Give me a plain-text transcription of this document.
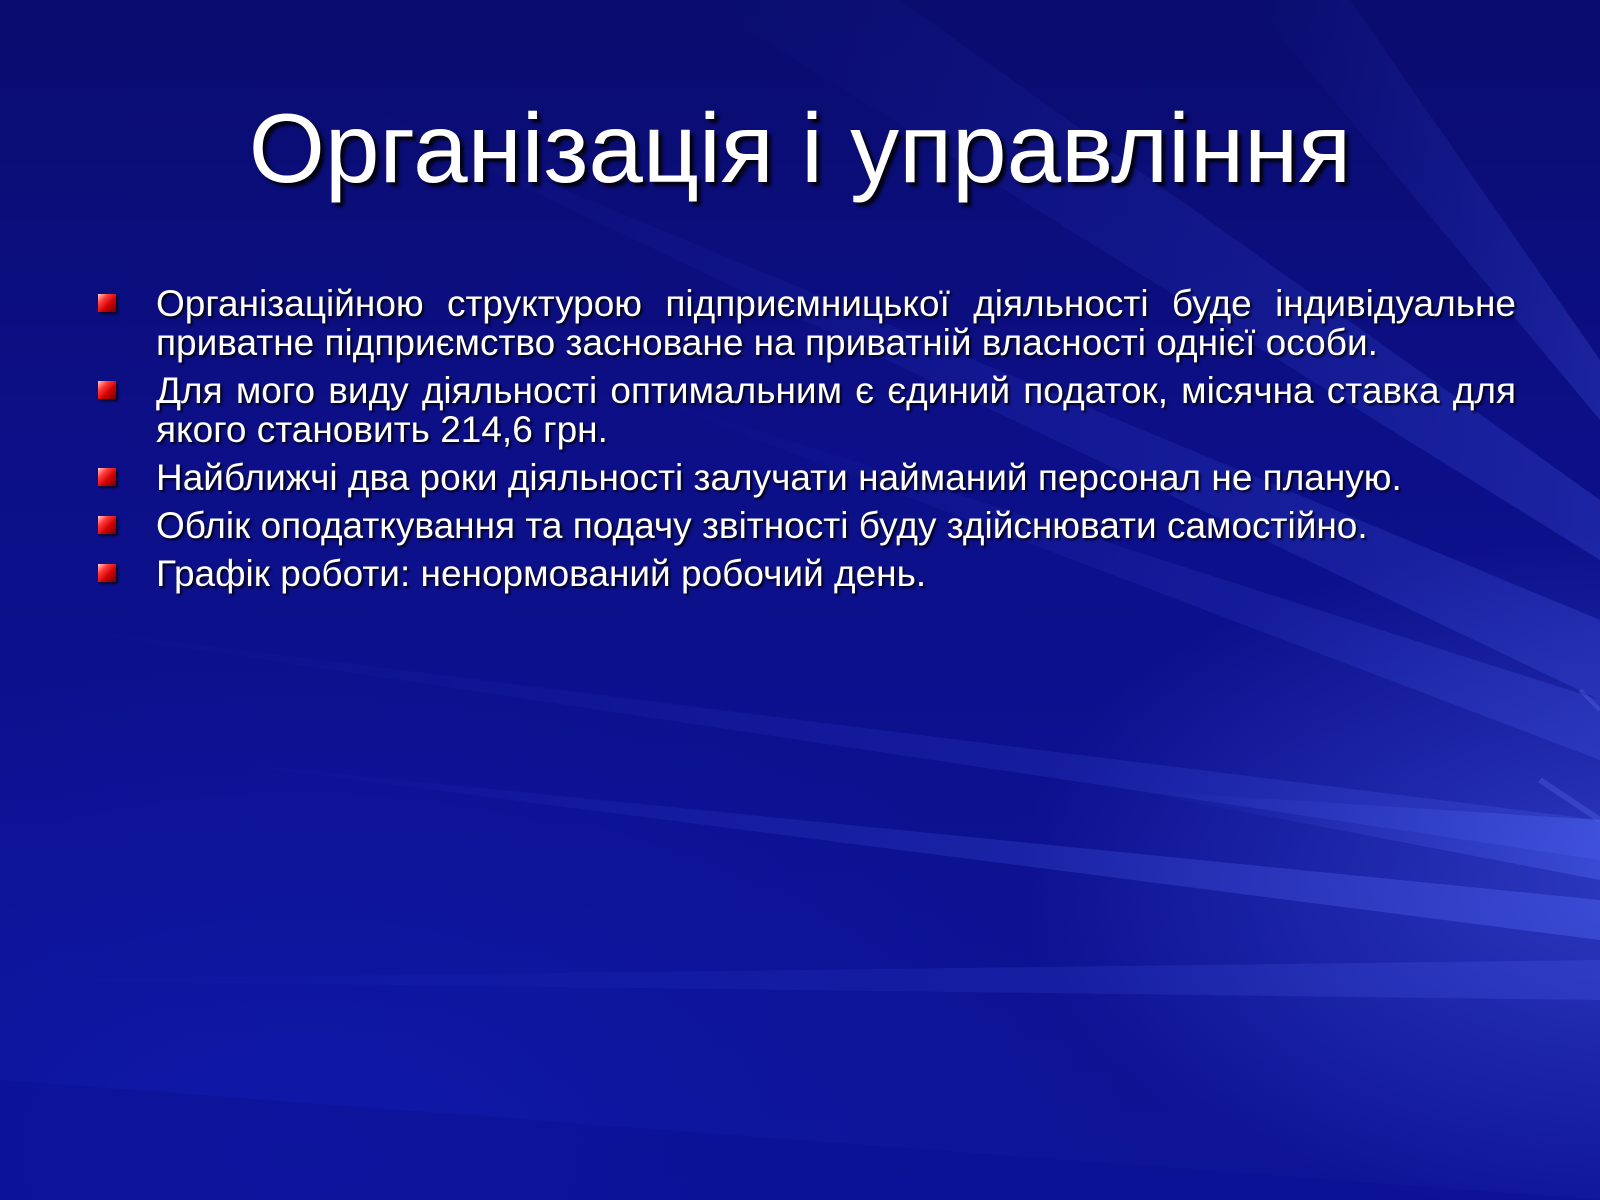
Організація і управління
Організаційною структурою підприємницької діяльності буде індивідуальне приватне підприємство засноване на приватній власності однієї особи.
Для мого виду діяльності оптимальним є єдиний податок, місячна ставка для якого становить 214,6 грн.
Найближчі два роки діяльності залучати найманий персонал не планую.
Облік оподаткування та подачу звітності буду здійснювати самостійно.
Графік роботи: ненормований робочий день.
